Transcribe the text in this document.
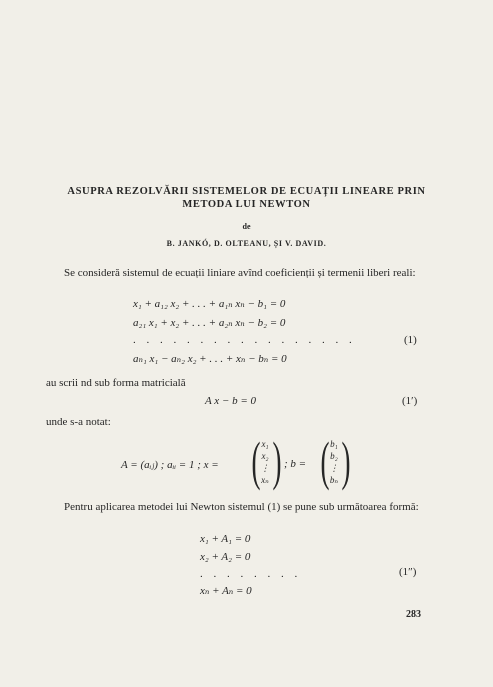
ASUPRA REZOLVĂRII SISTEMELOR DE ECUAȚII LINEARE PRIN
METODA LUI NEWTON
de
B. JANKÓ, D. OLTEANU, ȘI V. DAVID.
Se consideră sistemul de ecuații liniare avînd coeficienții și termenii liberi reali:
x₁ + a₁₂ x₂ + . . . + a₁ₙ xₙ − b₁ = 0
a₂₁ x₁ + x₂ + . . . + a₂ₙ xₙ − b₂ = 0
. . . . . . . . . . . . . . . . .
aₙ₁ x₁ − aₙ₂ x₂ + . . . + xₙ − bₙ = 0
(1)
au scrii nd sub forma matricială
A x − b = 0	(1′)
unde s-a notat:
A = (aᵢⱼ) ; aᵢᵢ = 1 ; x = ( x₁
x₂
⋮
xₙ ) ; b = ( b₁
b₂
⋮
bₙ )
Pentru aplicarea metodei lui Newton sistemul (1) se pune sub următoarea formă:
x₁ + A₁ = 0
x₂ + A₂ = 0
. . . . . . . .
xₙ + Aₙ = 0
(1″)
283
